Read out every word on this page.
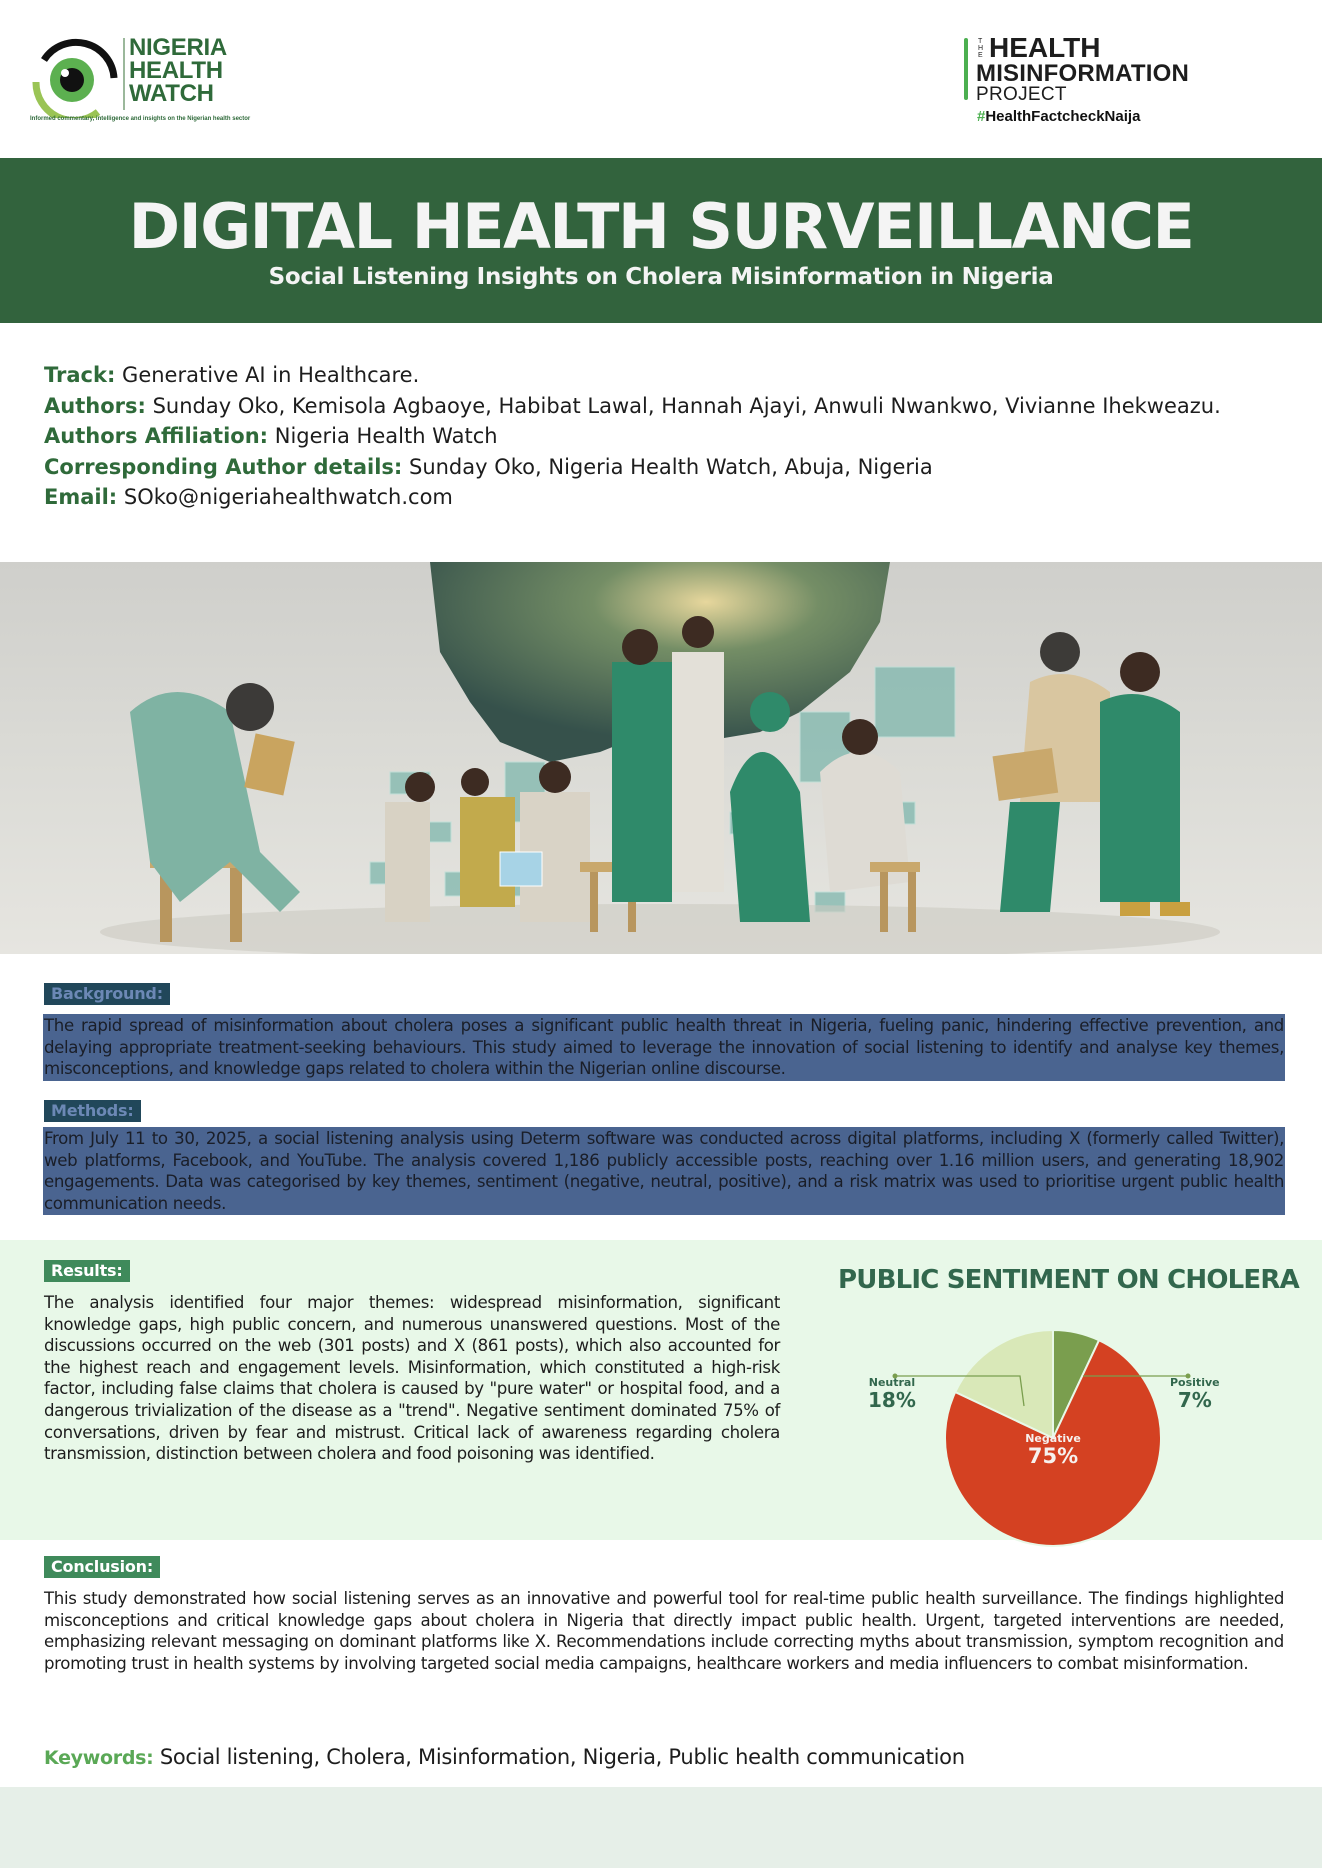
NIGERIA
HEALTH
WATCH
Informed commentary, intelligence and insights on the Nigerian health sector
THE HEALTH
MISINFORMATION
PROJECT
#HealthFactcheckNaija
DIGITAL HEALTH SURVEILLANCE
Social Listening Insights on Cholera Misinformation in Nigeria
Track: Generative AI in Healthcare.
Authors: Sunday Oko, Kemisola Agbaoye, Habibat Lawal, Hannah Ajayi, Anwuli Nwankwo, Vivianne Ihekweazu.
Authors Affiliation: Nigeria Health Watch
Corresponding Author details: Sunday Oko, Nigeria Health Watch, Abuja, Nigeria
Email: SOko@nigeriahealthwatch.com
Background:

The rapid spread of misinformation about cholera poses a significant public health threat in Nigeria, fueling panic, hindering effective prevention, and delaying appropriate treatment-seeking behaviours. This study aimed to leverage the innovation of social listening to identify and analyse key themes, misconceptions, and knowledge gaps related to cholera within the Nigerian online discourse.

Methods:

From July 11 to 30, 2025, a social listening analysis using Determ software was conducted across digital platforms, including X (formerly called Twitter), web platforms, Facebook, and YouTube. The analysis covered 1,186 publicly accessible posts, reaching over 1.16 million users, and generating 18,902 engagements. Data was categorised by key themes, sentiment (negative, neutral, positive), and a risk matrix was used to prioritise urgent public health communication needs.

Results:

The analysis identified four major themes: widespread misinformation, significant knowledge gaps, high public concern, and numerous unanswered questions. Most of the discussions occurred on the web (301 posts) and X (861 posts), which also accounted for the highest reach and engagement levels. Misinformation, which constituted a high-risk factor, including false claims that cholera is caused by "pure water" or hospital food, and a dangerous trivialization of the disease as a "trend". Negative sentiment dominated 75% of conversations, driven by fear and mistrust. Critical lack of awareness regarding cholera transmission, distinction between cholera and food poisoning was identified.

PUBLIC SENTIMENT ON CHOLERA
Neutral
18%
Positive
7%
Negative
75%
Conclusion:

This study demonstrated how social listening serves as an innovative and powerful tool for real-time public health surveillance. The findings highlighted misconceptions and critical knowledge gaps about cholera in Nigeria that directly impact public health. Urgent, targeted interventions are needed, emphasizing relevant messaging on dominant platforms like X. Recommendations include correcting myths about transmission, symptom recognition and promoting trust in health systems by involving targeted social media campaigns, healthcare workers and media influencers to combat misinformation.

Keywords: Social listening, Cholera, Misinformation, Nigeria, Public health communication
